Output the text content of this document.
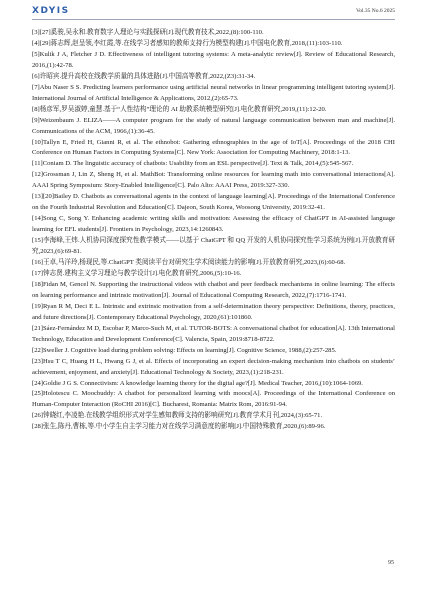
XDYIS	Vol.35 No.6 2025

[3][27]奚骏,吴永和.教育数字人理论与实践探研[J].现代教育技术,2022,(8):100-110.

[4][29]蒋志辉,赵呈领,李红霞,等.在线学习者感知的教师支持行为模型构建[J].中国电化教育,2018,(11):103-110.

[5]Kulik J A, Fletcher J D. Effectiveness of intelligent tutoring systems: A meta-analytic review[J]. Review of Educational Research, 2016,(1):42-78.

[6]许昭宾.提升高校在线教学质量的具体进路[J].中国高等教育,2022,(Z3):31-34.

[7]Abu Naser S S. Predicting learners performance using artificial neural networks in linear programming intelligent tutoring system[J]. International Journal of Artificial Intelligence & Applications, 2012,(2):65-73.

[8]杨彦军,罗吴淑婷,童慧.基于“人性结构”理论的 AI 助教系统模型研究[J].电化教育研究,2019,(11):12-20.

[9]Weizenbaum J. ELIZA——A computer program for the study of natural language communication between man and machine[J]. Communications of the ACM, 1966,(1):36-45.

[10]Tallyn E, Fried H, Gianni R, et al. The ethnobot: Gathering ethnographies in the age of IoT[A]. Proceedings of the 2018 CHI Conference on Human Factors in Computing Systems[C]. New York: Association for Computing Machinery, 2018:1-13.

[11]Coniam D. The linguistic accuracy of chatbots: Usability from an ESL perspective[J]. Text & Talk, 2014,(5):545-567.

[12]Grossman J, Lin Z, Sheng H, et al. MathBot: Transforming online resources for learning math into conversational interactions[A]. AAAI Spring Symposium: Story-Enabled Intelligence[C]. Palo Alto: AAAI Press, 2019:327-330.

[13][20]Bailey D. Chatbots as conversational agents in the context of language learning[A]. Proceedings of the International Conference on the Fourth Industrial Revolution and Education[C]. Dajeon, South Korea, Woosong University, 2019:32-41.

[14]Song C, Song Y. Enhancing academic writing skills and motivation: Assessing the efficacy of ChatGPT in AI-assisted language learning for EFL students[J]. Frontiers in Psychology, 2023,14:1260843.

[15]李海峰,王炜.人机协同深度探究性教学模式——以基于 ChatGPT 和 QQ 开发的人机协同探究性学习系统为例[J].开放教育研究,2023,(6):69-81.

[16]王卓,马洋玲,杨现民,等.ChatGPT 类阅读平台对研究生学术阅读能力的影响[J].开放教育研究,2023,(6):60-68.

[17]钟志贤.建构主义学习理论与教学设计[J].电化教育研究,2006,(5):10-16.

[18]Fidan M, Gencel N. Supporting the instructional videos with chatbot and peer feedback mechanisms in online learning: The effects on learning performance and intrinsic motivation[J]. Journal of Educational Computing Research, 2022,(7):1716-1741.

[19]Ryan R M, Deci E L. Intrinsic and extrinsic motivation from a self-determination theory perspective: Definitions, theory, practices, and future directions[J]. Contemporary Educational Psychology, 2020,(61):101860.

[21]Sáez-Fernández M D, Escobar P, Marco-Such M, et al. TUTOR-BOTS: A conversational chatbot for education[A]. 13th International Technology, Education and Development Conference[C]. Valencia, Spain, 2019:8718-8722.

[22]Sweller J. Cognitive load during problem solving: Effects on learning[J]. Cognitive Science, 1988,(2):257-285.

[23]Hsu T C, Huang H L, Hwang G J, et al. Effects of incorporating an expert decision-making mechanism into chatbots on students’ achievement, enjoyment, and anxiety[J]. Educational Technology & Society, 2023,(1):218-231.

[24]Goldie J G S. Connectivism: A knowledge learning theory for the digital age?[J]. Medical Teacher, 2016,(10):1064-1069.

[25]Holotescu C. Moocbuddy: A chatbot for personalized learning with moocs[A]. Proceedings of the International Conference on Human-Computer Interaction (RoCHI 2016)[C]. Bucharest, Romania: Matrix Rom, 2016:91-94.

[26]钟晓红,李凌艳.在线教学组织形式对学生感知教师支持的影响研究[J].教育学术月刊,2024,(3):65-71.

[28]张生,陈丹,曹栋,等.中小学生自主学习能力对在线学习满意度的影响[J].中国特殊教育,2020,(6):89-96.

95
